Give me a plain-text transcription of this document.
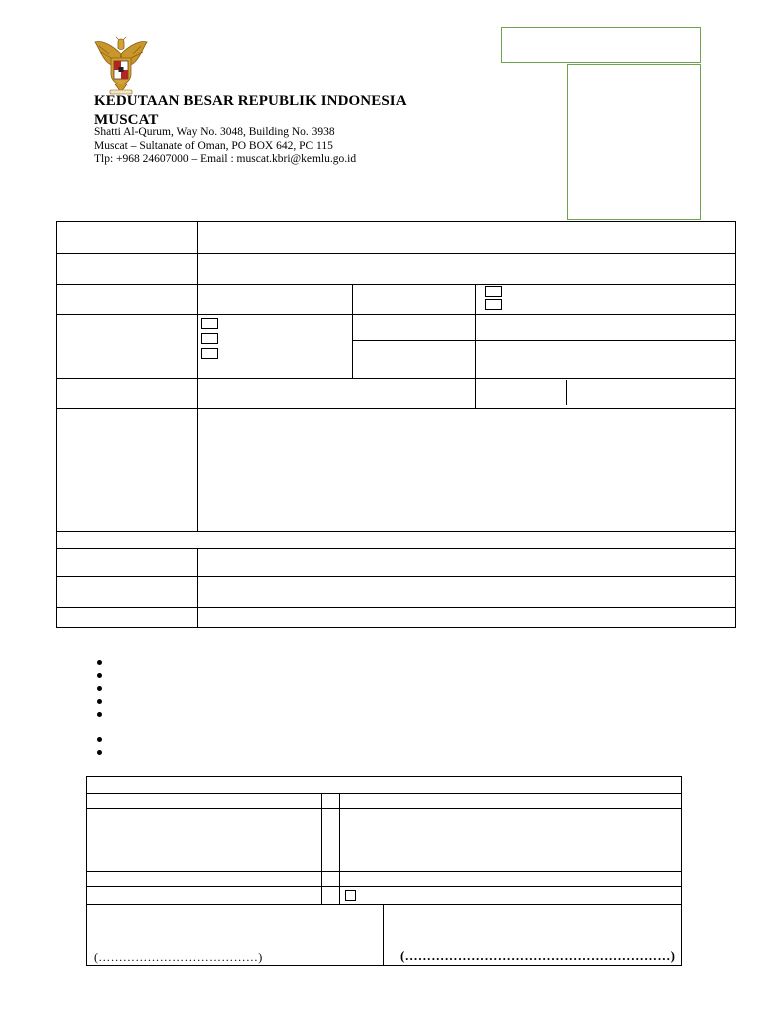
KEDUTAAN BESAR REPUBLIK INDONESIA
MUSCAT
Shatti Al-Qurum, Way No. 3048, Building No. 3938
Muscat – Sultanate of Oman, PO BOX 642, PC 115
Tlp: +968 24607000 – Email : muscat.kbri@kemlu.go.id
(…………………………………)	(……………………………………………………)
